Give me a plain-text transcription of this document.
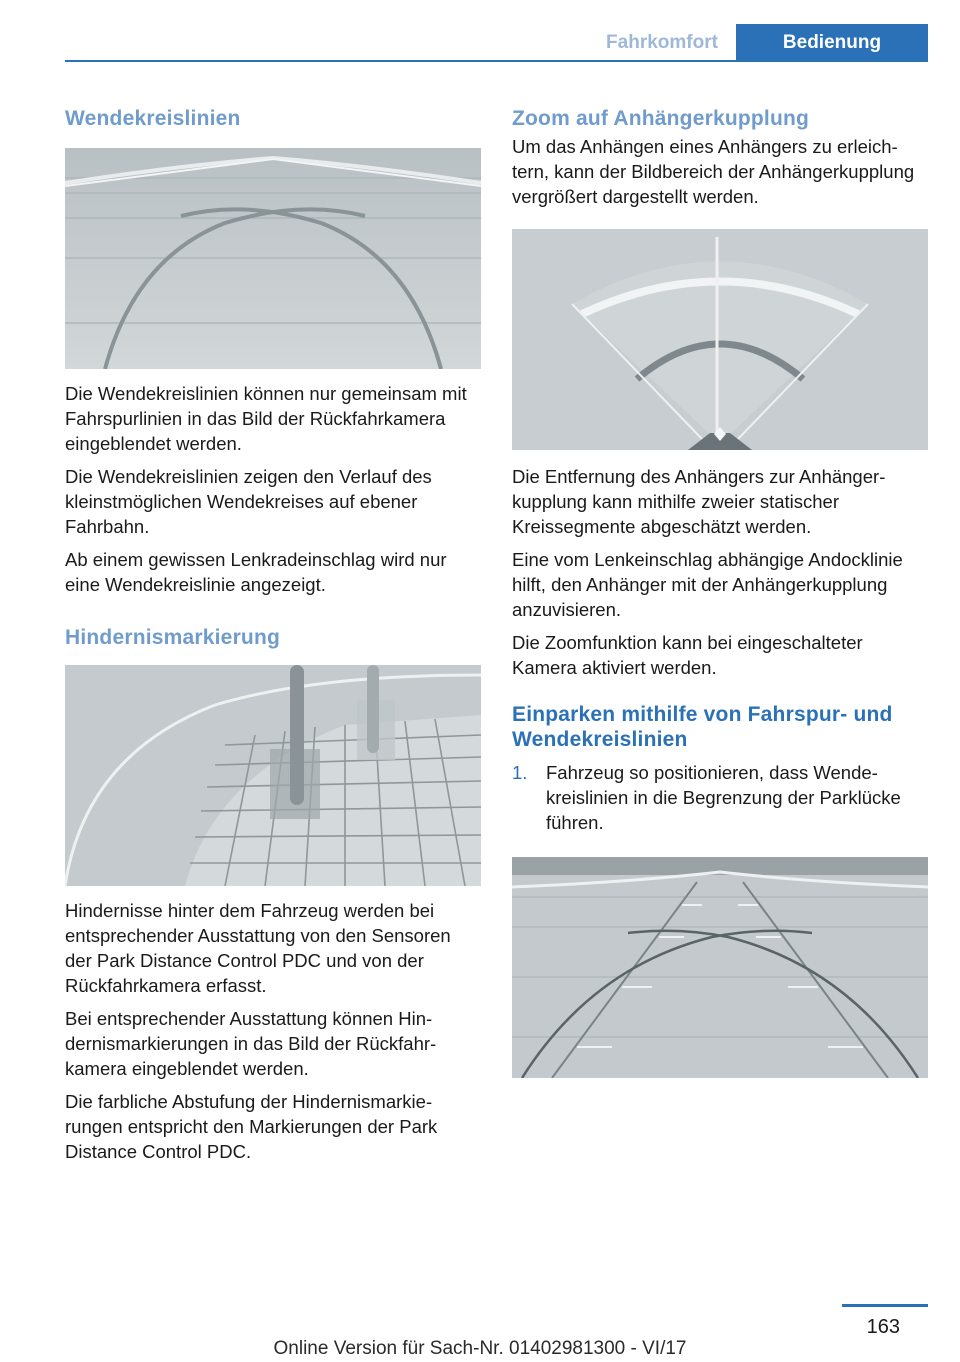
Fahrkomfort	Bedienung
Wendekreislinien

Die Wendekreislinien können nur gemeinsam mit Fahrspurlinien in das Bild der Rückfahrkamera eingeblendet werden.

Die Wendekreislinien zeigen den Verlauf des kleinstmöglichen Wendekreises auf ebener Fahrbahn.

Ab einem gewissen Lenkradeinschlag wird nur eine Wendekreislinie angezeigt.

Hindernismarkierung

Hindernisse hinter dem Fahrzeug werden bei entsprechender Ausstattung von den Sensoren der Park Distance Control PDC und von der Rückfahrkamera erfasst.

Bei entsprechender Ausstattung können Hindernismarkierungen in das Bild der Rückfahrkamera eingeblendet werden.

Die farbliche Abstufung der Hindernismarkierungen entspricht den Markierungen der Park Distance Control PDC.

Zoom auf Anhängerkupplung

Um das Anhängen eines Anhängers zu erleichtern, kann der Bildbereich der Anhängerkupplung vergrößert dargestellt werden.

Die Entfernung des Anhängers zur Anhängerkupplung kann mithilfe zweier statischer Kreissegmente abgeschätzt werden.

Eine vom Lenkeinschlag abhängige Andocklinie hilft, den Anhänger mit der Anhängerkupplung anzuvisieren.

Die Zoomfunktion kann bei eingeschalteter Kamera aktiviert werden.

Einparken mithilfe von Fahrspur- und Wendekreislinien
1.	Fahrzeug so positionieren, dass Wendekreislinien in die Begrenzung der Parklücke führen.
163
Online Version für Sach-Nr. 01402981300 - VI/17
